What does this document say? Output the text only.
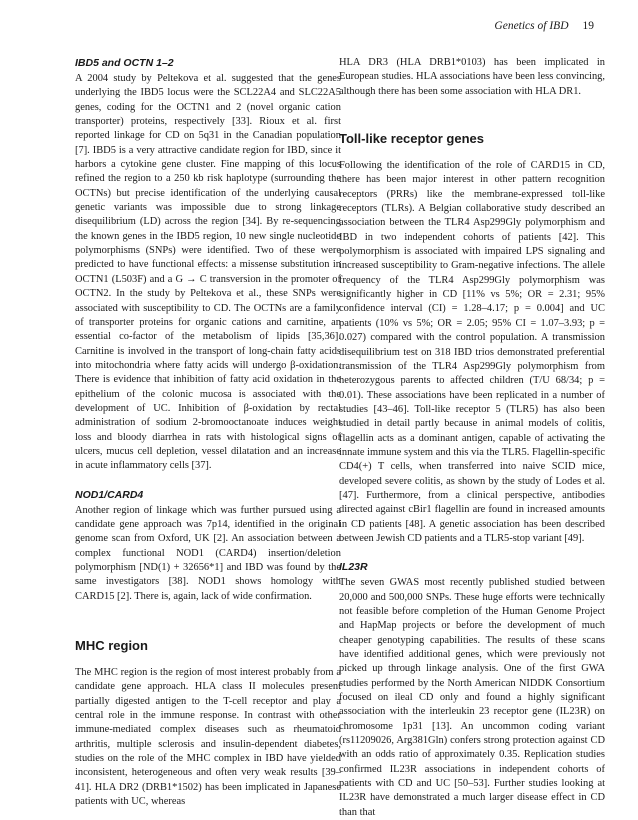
Genetics of IBD 19
IBD5 and OCTN 1–2

A 2004 study by Peltekova et al. suggested that the genes underlying the IBD5 locus were the SCL22A4 and SLC22A5 genes, coding for the OCTN1 and 2 (novel organic cation transporter) proteins, respectively [33]. Rioux et al. first reported linkage for CD on 5q31 in the Canadian population [7]. IBD5 is a very attractive candidate region for IBD, since it harbors a cytokine gene cluster. Fine mapping of this locus refined the region to a 250 kb risk haplotype (surrounding the OCTNs) but precise identification of the underlying causal genetic variants was impossible due to strong linkage disequilibrium (LD) across the region [34]. By re-sequencing the known genes in the IBD5 region, 10 new single nucleotide polymorphisms (SNPs) were identified. Two of these were predicted to have functional effects: a missense substitution in OCTN1 (L503F) and a G → C transversion in the promoter of OCTN2. In the study by Peltekova et al., these SNPs were associated with susceptibility to CD. The OCTNs are a family of transporter proteins for organic cations and carnitine, an essential co-factor of the metabolism of lipids [35,36]. Carnitine is involved in the transport of long-chain fatty acids into mitochondria where fatty acids will undergo β-oxidation. There is evidence that inhibition of fatty acid oxidation in the epithelium of the colonic mucosa is associated with the development of UC. Inhibition of β-oxidation by rectal administration of sodium 2-bromooctanoate induces weight loss and bloody diarrhea in rats with histological signs of ulcers, mucus cell depletion, vessel dilatation and an increase in acute inflammatory cells [37].

NOD1/CARD4

Another region of linkage which was further pursued using a candidate gene approach was 7p14, identified in the original genome scan from Oxford, UK [2]. An association between a complex functional NOD1 (CARD4) insertion/deletion polymorphism [ND(1) + 32656*1] and IBD was found by the same investigators [38]. NOD1 shows homology with CARD15 [2]. There is, again, lack of wide confirmation.

MHC region

The MHC region is the region of most interest probably from a candidate gene approach. HLA class II molecules present partially digested antigen to the T-cell receptor and play a central role in the immune response. In contrast with other immune-mediated complex diseases such as rheumatoid arthritis, multiple sclerosis and insulin-dependent diabetes, studies on the role of the MHC complex in IBD have yielded inconsistent, heterogeneous and often very weak results [39–41]. HLA DR2 (DRB1*1502) has been implicated in Japanese patients with UC, whereas

HLA DR3 (HLA DRB1*0103) has been implicated in European studies. HLA associations have been less convincing, although there has been some association with HLA DR1.

Toll-like receptor genes

Following the identification of the role of CARD15 in CD, there has been major interest in other pattern recognition receptors (PRRs) like the membrane-expressed toll-like receptors (TLRs). A Belgian collaborative study described an association between the TLR4 Asp299Gly polymorphism and IBD in two independent cohorts of patients [42]. This polymorphism is associated with impaired LPS signaling and increased susceptibility to Gram-negative infections. The allele frequency of the TLR4 Asp299Gly polymorphism was significantly higher in CD [11% vs 5%; OR = 2.31; 95% confidence interval (CI) = 1.28–4.17; p = 0.004] and UC patients (10% vs 5%; OR = 2.05; 95% CI = 1.07–3.93; p = 0.027) compared with the control population. A transmission disequilibrium test on 318 IBD trios demonstrated preferential transmission of the TLR4 Asp299Gly polymorphism from heterozygous parents to affected children (T/U 68/34; p = 0.01). These associations have been replicated in a number of studies [43–46]. Toll-like receptor 5 (TLR5) has also been studied in detail partly because in animal models of colitis, flagellin acts as a dominant antigen, capable of activating the innate immune system and this via the TLR5. Flagellin-specific CD4(+) T cells, when transferred into naive SCID mice, developed severe colitis, as shown by the study of Lodes et al. [47]. Furthermore, from a clinical perspective, antibodies directed against cBir1 flagellin are found in increased amounts in CD patients [48]. A genetic association has been described between Jewish CD patients and a TLR5-stop variant [49].

IL23R

The seven GWAS most recently published studied between 20,000 and 500,000 SNPs. These huge efforts were technically not feasible before completion of the Human Genome Project and HapMap projects or before the development of much cheaper genotyping capabilities. The results of these scans have identified additional genes, which were previously not picked up through linkage analysis. One of the first GWA studies performed by the North American NIDDK Consortium focused on ileal CD only and found a highly significant association with the interleukin 23 receptor gene (IL23R) on chromosome 1p31 [13]. An uncommon coding variant (rs11209026, Arg381Gln) confers strong protection against CD with an odds ratio of approximately 0.35. Replication studies confirmed IL23R associations in independent cohorts of patients with CD and UC [50–53]. Further studies looking at IL23R have demonstrated a much larger disease effect in CD than that
